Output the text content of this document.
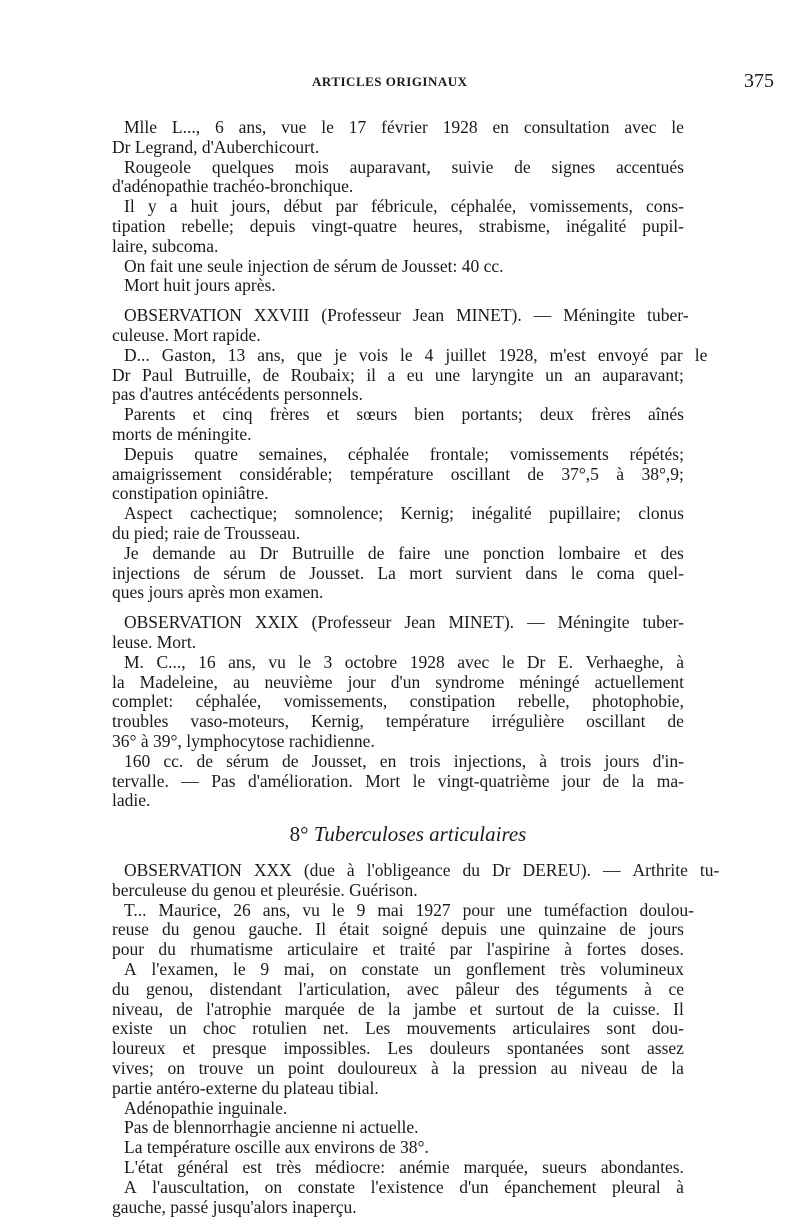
ARTICLES ORIGINAUX	375
Mlle L..., 6 ans, vue le 17 février 1928 en consultation avec le
Dr Legrand, d'Auberchicourt.
Rougeole	quelques	mois	auparavant,	suivie	de	signes	accentués
d'adénopathie trachéo-bronchique.
Il y a huit jours, début par fébricule, céphalée, vomissements, cons-
tipation rebelle; depuis vingt-quatre heures, strabisme, inégalité pupil-
laire, subcoma.
On fait une seule injection de sérum de Jousset: 40 cc.
Mort huit jours après.
OBSERVATION XXVIII (Professeur Jean MINET). — Méningite tuber-
culeuse. Mort rapide.
D... Gaston, 13 ans, que je vois le 4 juillet 1928, m'est envoyé par le
Dr Paul Butruille, de Roubaix; il a eu une laryngite un an auparavant;
pas d'autres antécédents personnels.
Parents et cinq frères et sœurs bien portants; deux frères aînés
morts de méningite.
Depuis	quatre	semaines,	céphalée	frontale;	vomissements	répétés;
amaigrissement considérable; température oscillant de 37°,5 à 38°,9;
constipation opiniâtre.
Aspect cachectique; somnolence; Kernig; inégalité pupillaire; clonus
du pied; raie de Trousseau.
Je demande au Dr Butruille de faire une ponction lombaire et des
injections de sérum de Jousset. La mort survient dans le coma quel-
ques jours après mon examen.
OBSERVATION XXIX (Professeur Jean MINET). — Méningite tuber-
leuse. Mort.
M. C..., 16 ans, vu le 3 octobre 1928 avec le Dr E. Verhaeghe, à
la Madeleine, au neuvième jour d'un syndrome méningé actuellement
complet: céphalée, vomissements, constipation rebelle, photophobie,
troubles vaso-moteurs, Kernig, température irrégulière oscillant de
36° à 39°, lymphocytose rachidienne.
160 cc. de sérum de Jousset, en trois injections, à trois jours d'in-
tervalle. — Pas d'amélioration. Mort le vingt-quatrième jour de la ma-
ladie.
8° Tuberculoses articulaires
OBSERVATION XXX (due à l'obligeance du Dr DEREU). — Arthrite tu-
berculeuse du genou et pleurésie. Guérison.
T... Maurice, 26 ans, vu le 9 mai 1927 pour une tuméfaction doulou-
reuse du genou gauche. Il était soigné depuis une quinzaine de jours
pour du rhumatisme articulaire et traité par l'aspirine à fortes doses.
A l'examen, le 9 mai, on constate un gonflement très volumineux
du genou, distendant l'articulation, avec pâleur des téguments à ce
niveau, de l'atrophie marquée de la jambe et surtout de la cuisse. Il
existe un choc rotulien net. Les mouvements articulaires sont dou-
loureux et presque impossibles. Les douleurs spontanées sont assez
vives; on trouve un point douloureux à la pression au niveau de la
partie antéro-externe du plateau tibial.
Adénopathie inguinale.
Pas de blennorrhagie ancienne ni actuelle.
La température oscille aux environs de 38°.
L'état général est très médiocre: anémie marquée, sueurs abondantes.
A l'auscultation, on constate l'existence d'un épanchement pleural à
gauche, passé jusqu'alors inaperçu.
